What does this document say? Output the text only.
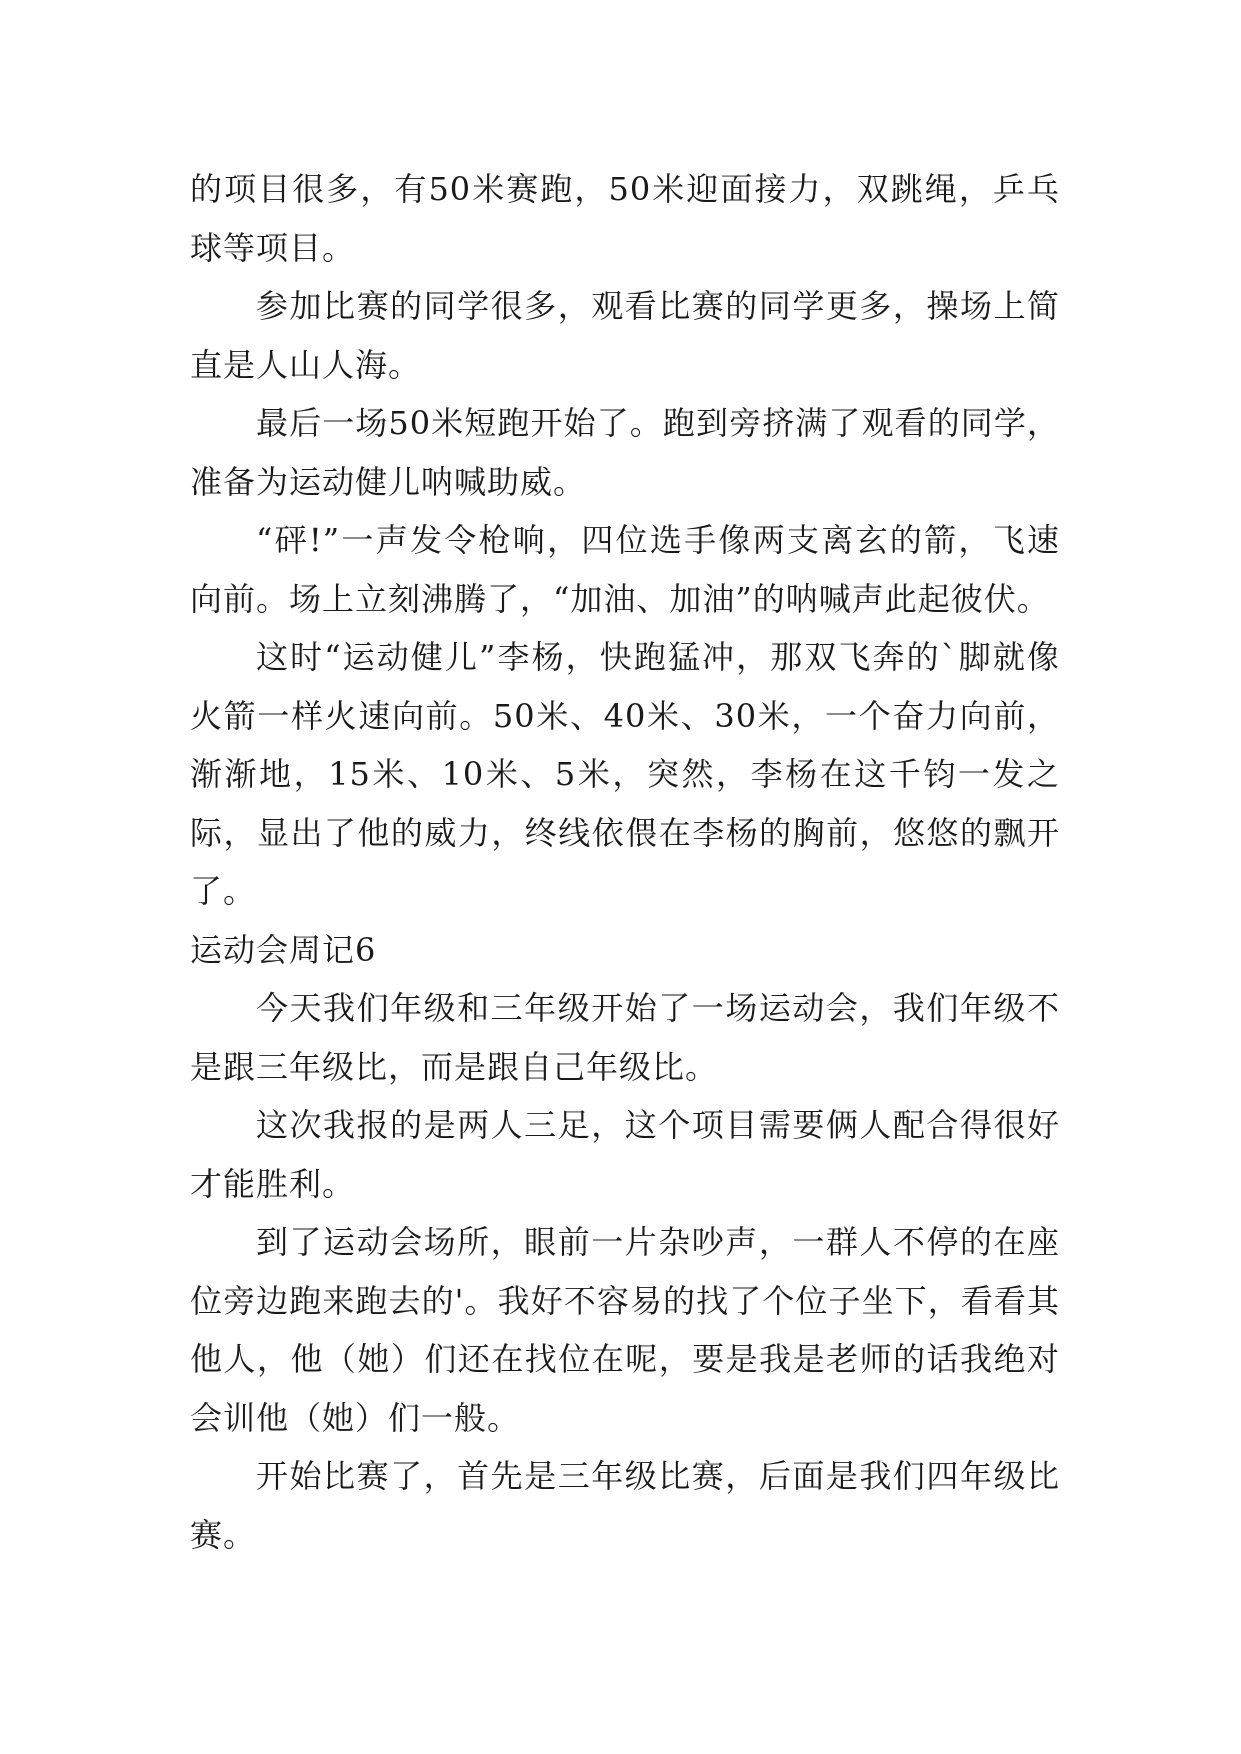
的项目很多，有50米赛跑，50米迎面接力，双跳绳，乒乓球等项目。

参加比赛的同学很多，观看比赛的同学更多，操场上简直是人山人海。

最后一场50米短跑开始了。跑到旁挤满了观看的同学，准备为运动健儿呐喊助威。

“砰!”一声发令枪响，四位选手像两支离玄的箭，飞速向前。场上立刻沸腾了，“加油、加油”的呐喊声此起彼伏。

这时“运动健儿”李杨，快跑猛冲，那双飞奔的`脚就像火箭一样火速向前。50米、40米、30米，一个奋力向前，渐渐地，15米、10米、5米，突然，李杨在这千钧一发之际，显出了他的威力，终线依偎在李杨的胸前，悠悠的飘开了。

运动会周记6

今天我们年级和三年级开始了一场运动会，我们年级不是跟三年级比，而是跟自己年级比。

这次我报的是两人三足，这个项目需要俩人配合得很好才能胜利。

到了运动会场所，眼前一片杂吵声，一群人不停的在座位旁边跑来跑去的'。我好不容易的找了个位子坐下，看看其他人，他（她）们还在找位在呢，要是我是老师的话我绝对会训他（她）们一般。

开始比赛了，首先是三年级比赛，后面是我们四年级比赛。
